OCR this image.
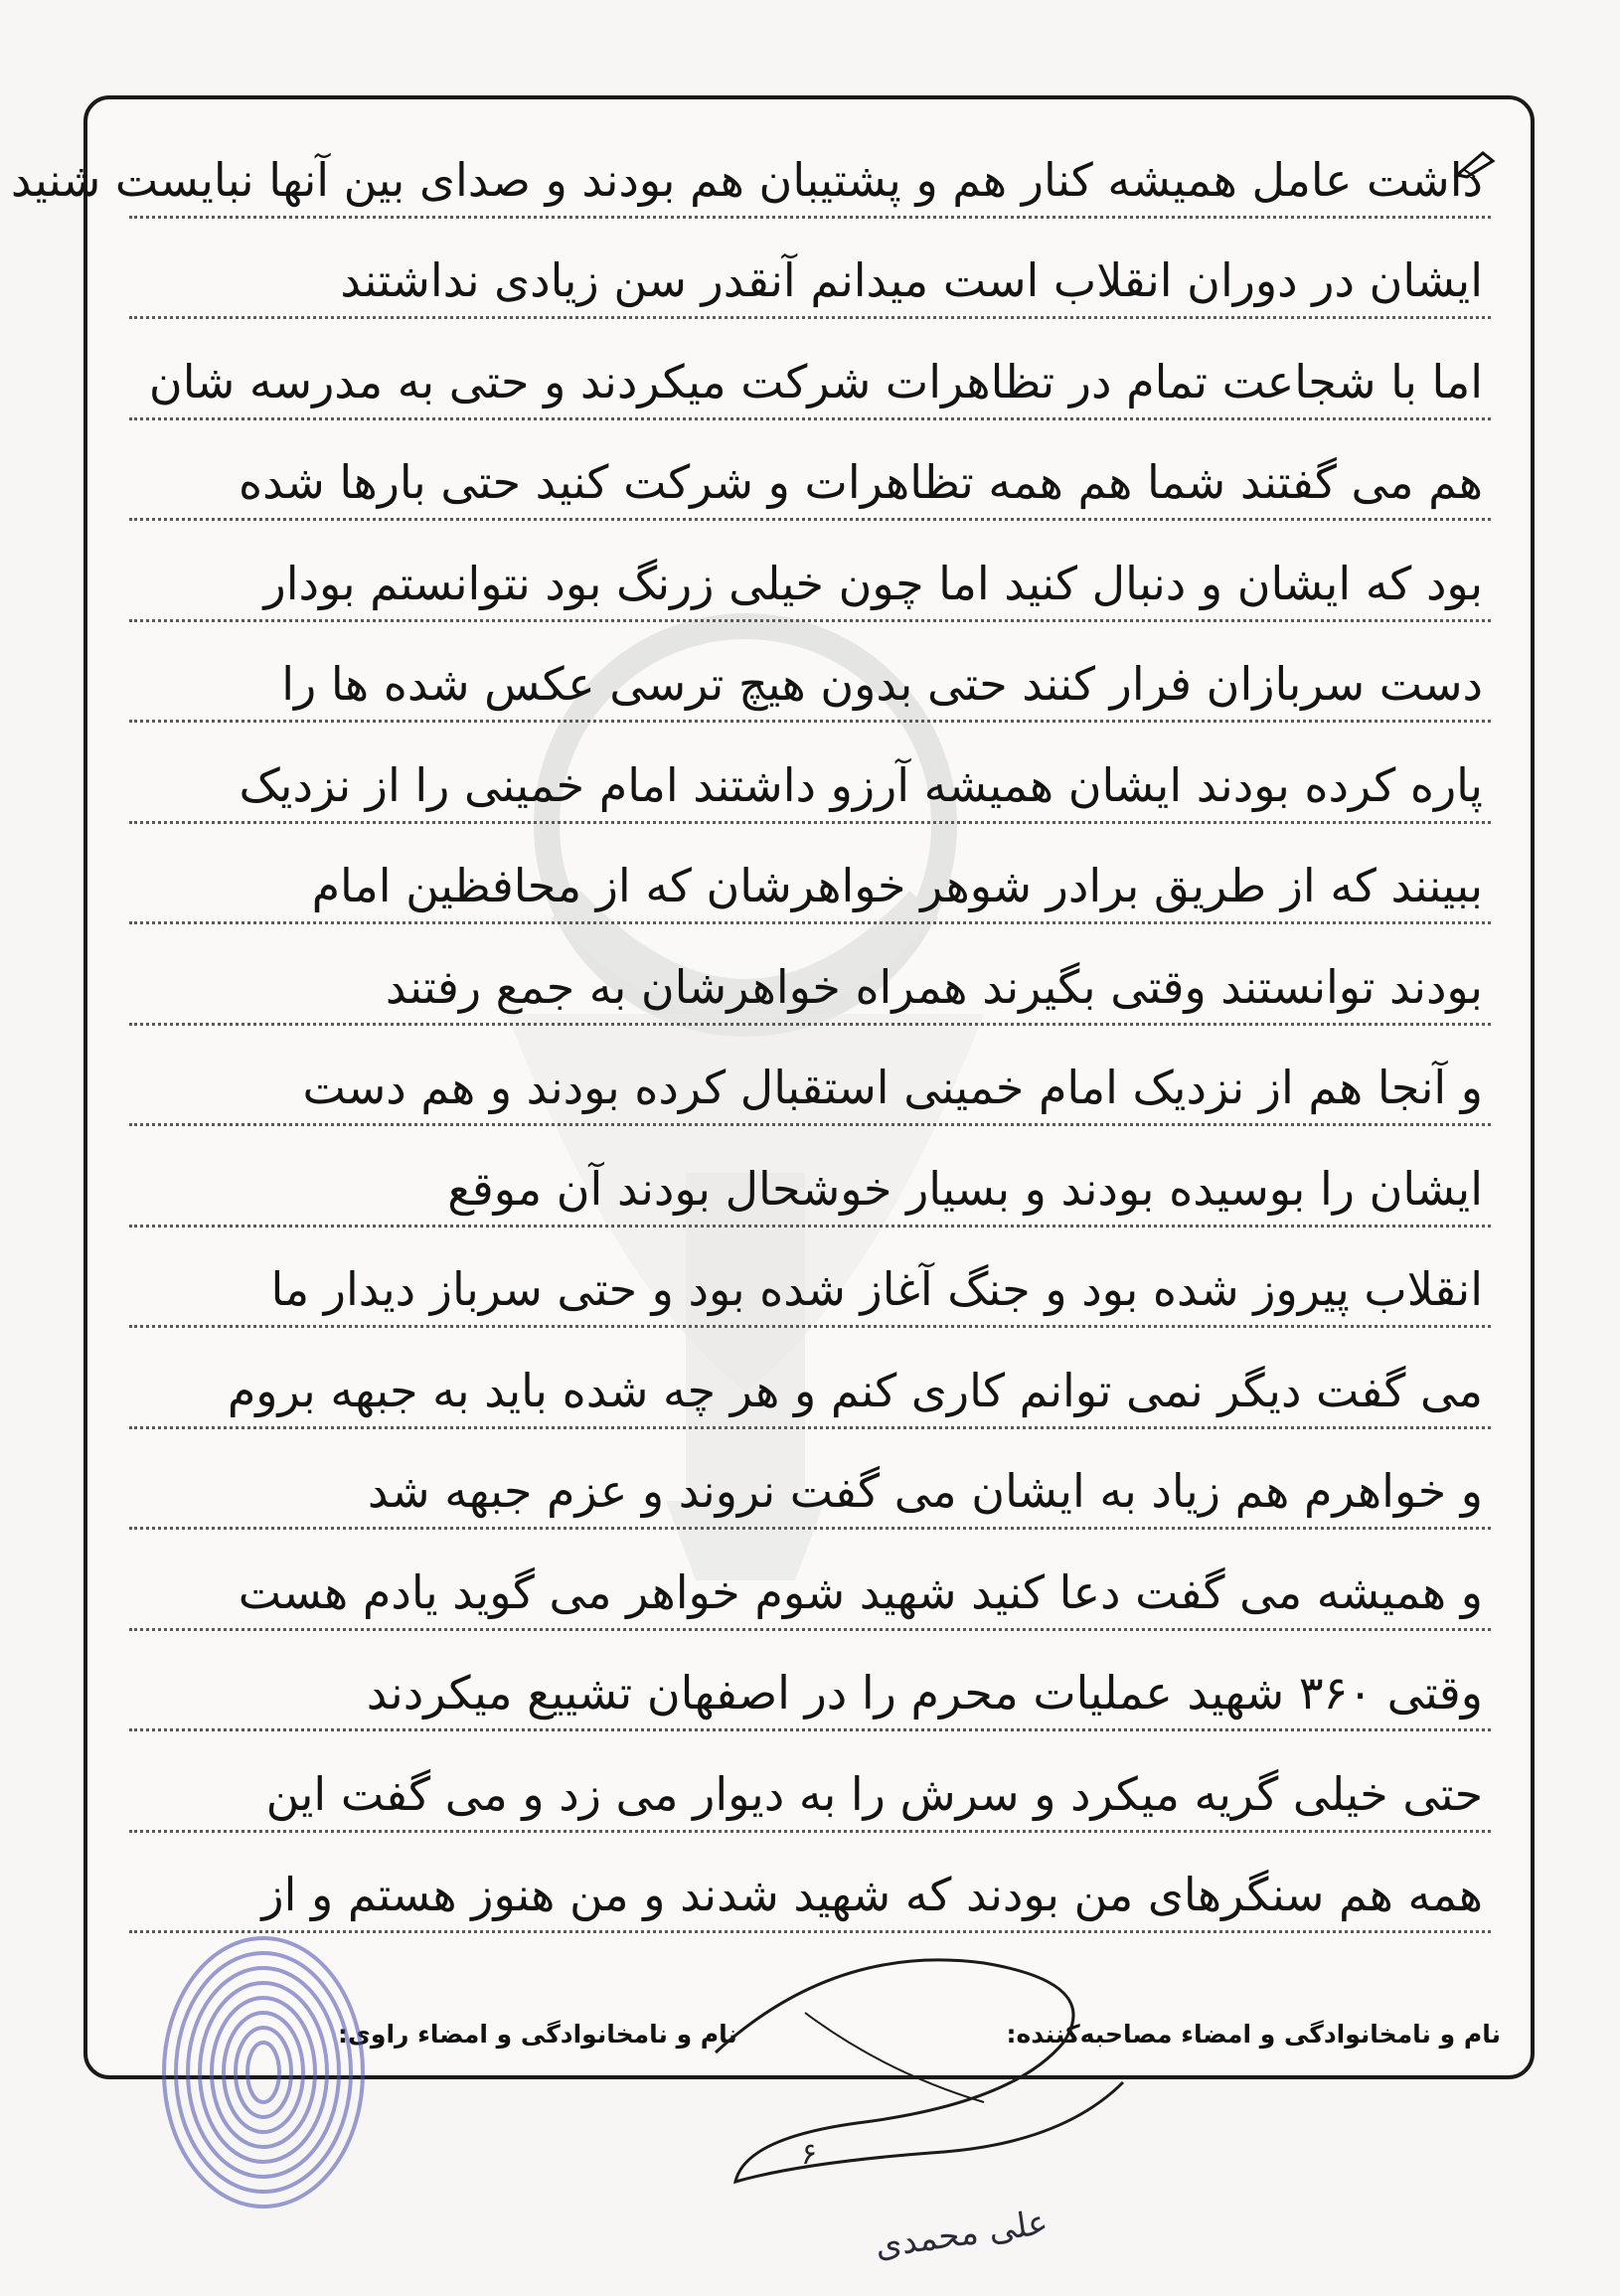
داشت عامل همیشه کنار هم و پشتیبان هم بودند و صدای بین آنها نبایست شنید
ایشان در دوران انقلاب است میدانم آنقدر سن زیادی نداشتند
اما با شجاعت تمام در تظاهرات شرکت میکردند و حتی به مدرسه شان
هم می گفتند شما هم همه تظاهرات و شرکت کنید حتی بارها شده
بود که ایشان و دنبال کنید اما چون خیلی زرنگ بود نتوانستم بودار
دست سربازان فرار کنند حتی بدون هیچ ترسی عکس شده ها را
پاره کرده بودند ایشان همیشه آرزو داشتند امام خمینی را از نزدیک
ببینند که از طریق برادر شوهر خواهرشان که از محافظین امام
بودند توانستند وقتی بگیرند همراه خواهرشان به جمع رفتند
و آنجا هم از نزدیک امام خمینی استقبال کرده بودند و هم دست
ایشان را بوسیده بودند و بسیار خوشحال بودند آن موقع
انقلاب پیروز شده بود و جنگ آغاز شده بود و حتی سرباز دیدار ما
می گفت دیگر نمی توانم کاری کنم و هر چه شده باید به جبهه بروم
و خواهرم هم زیاد به ایشان می گفت نروند و عزم جبهه شد
و همیشه می گفت دعا کنید شهید شوم خواهر می گوید یادم هست
وقتی ۳۶۰ شهید عملیات محرم را در اصفهان تشییع میکردند
حتی خیلی گریه میکرد و سرش را به دیوار می زد و می گفت این
همه هم سنگرهای من بودند که شهید شدند و من هنوز هستم و از
نام و نامخانوادگی و امضاء مصاحبه‌کننده:
نام و نامخانوادگی و امضاء راوی:
۶
علی محمدی
